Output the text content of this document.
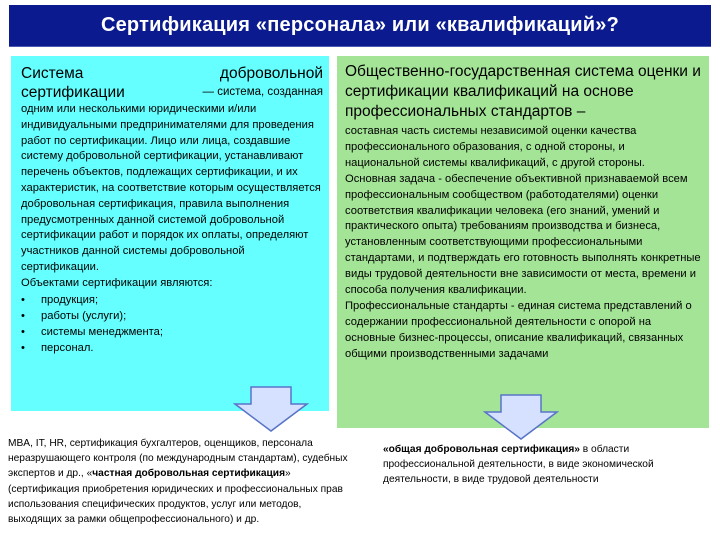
Сертификация «персонала» или «квалификаций»?

Система	добровольной

сертификации	— система, созданная

одним или несколькими юридическими и/или индивидуальными предпринимателями для проведения работ по сертификации. Лицо или лица, создавшие систему добровольной сертификации, устанавливают перечень объектов, подлежащих сертификации, и их характеристик, на соответствие которым осуществляется добровольная сертификация, правила выполнения предусмотренных данной системой добровольной сертификации работ и порядок их оплаты, определяют участников данной системы добровольной сертификации.

Объектами сертификации являются:

• продукция;
• работы (услуги);
• системы менеджмента;
• персонал.

Общественно-государственная система оценки и сертификации квалификаций на основе профессиональных стандартов –

составная часть системы независимой оценки качества профессионального образования, с одной стороны, и национальной системы квалификаций, с другой стороны.

Основная задача - обеспечение объективной признаваемой всем профессиональным сообществом (работодателями) оценки соответствия квалификации человека (его знаний, умений и практического опыта) требованиям производства и бизнеса, установленным соответствующими профессиональными стандартами, и подтверждать его готовность выполнять конкретные виды трудовой деятельности вне зависимости от места, времени и способа получения квалификации.

Профессиональные стандарты - единая система представлений о содержании профессиональной деятельности с опорой на основные бизнес-процессы, описание квалификаций, связанных общими производственными задачами

MBA, IT, HR, сертификация бухгалтеров, оценщиков, персонала неразрушающего контроля (по международным стандартам), судебных экспертов и др., «частная добровольная сертификация» (сертификация приобретения юридических и профессиональных прав использования специфических продуктов, услуг или методов, выходящих за рамки общепрофессионального) и др.
«общая добровольная сертификация» в области профессиональной деятельности, в виде экономической деятельности, в виде трудовой деятельности
